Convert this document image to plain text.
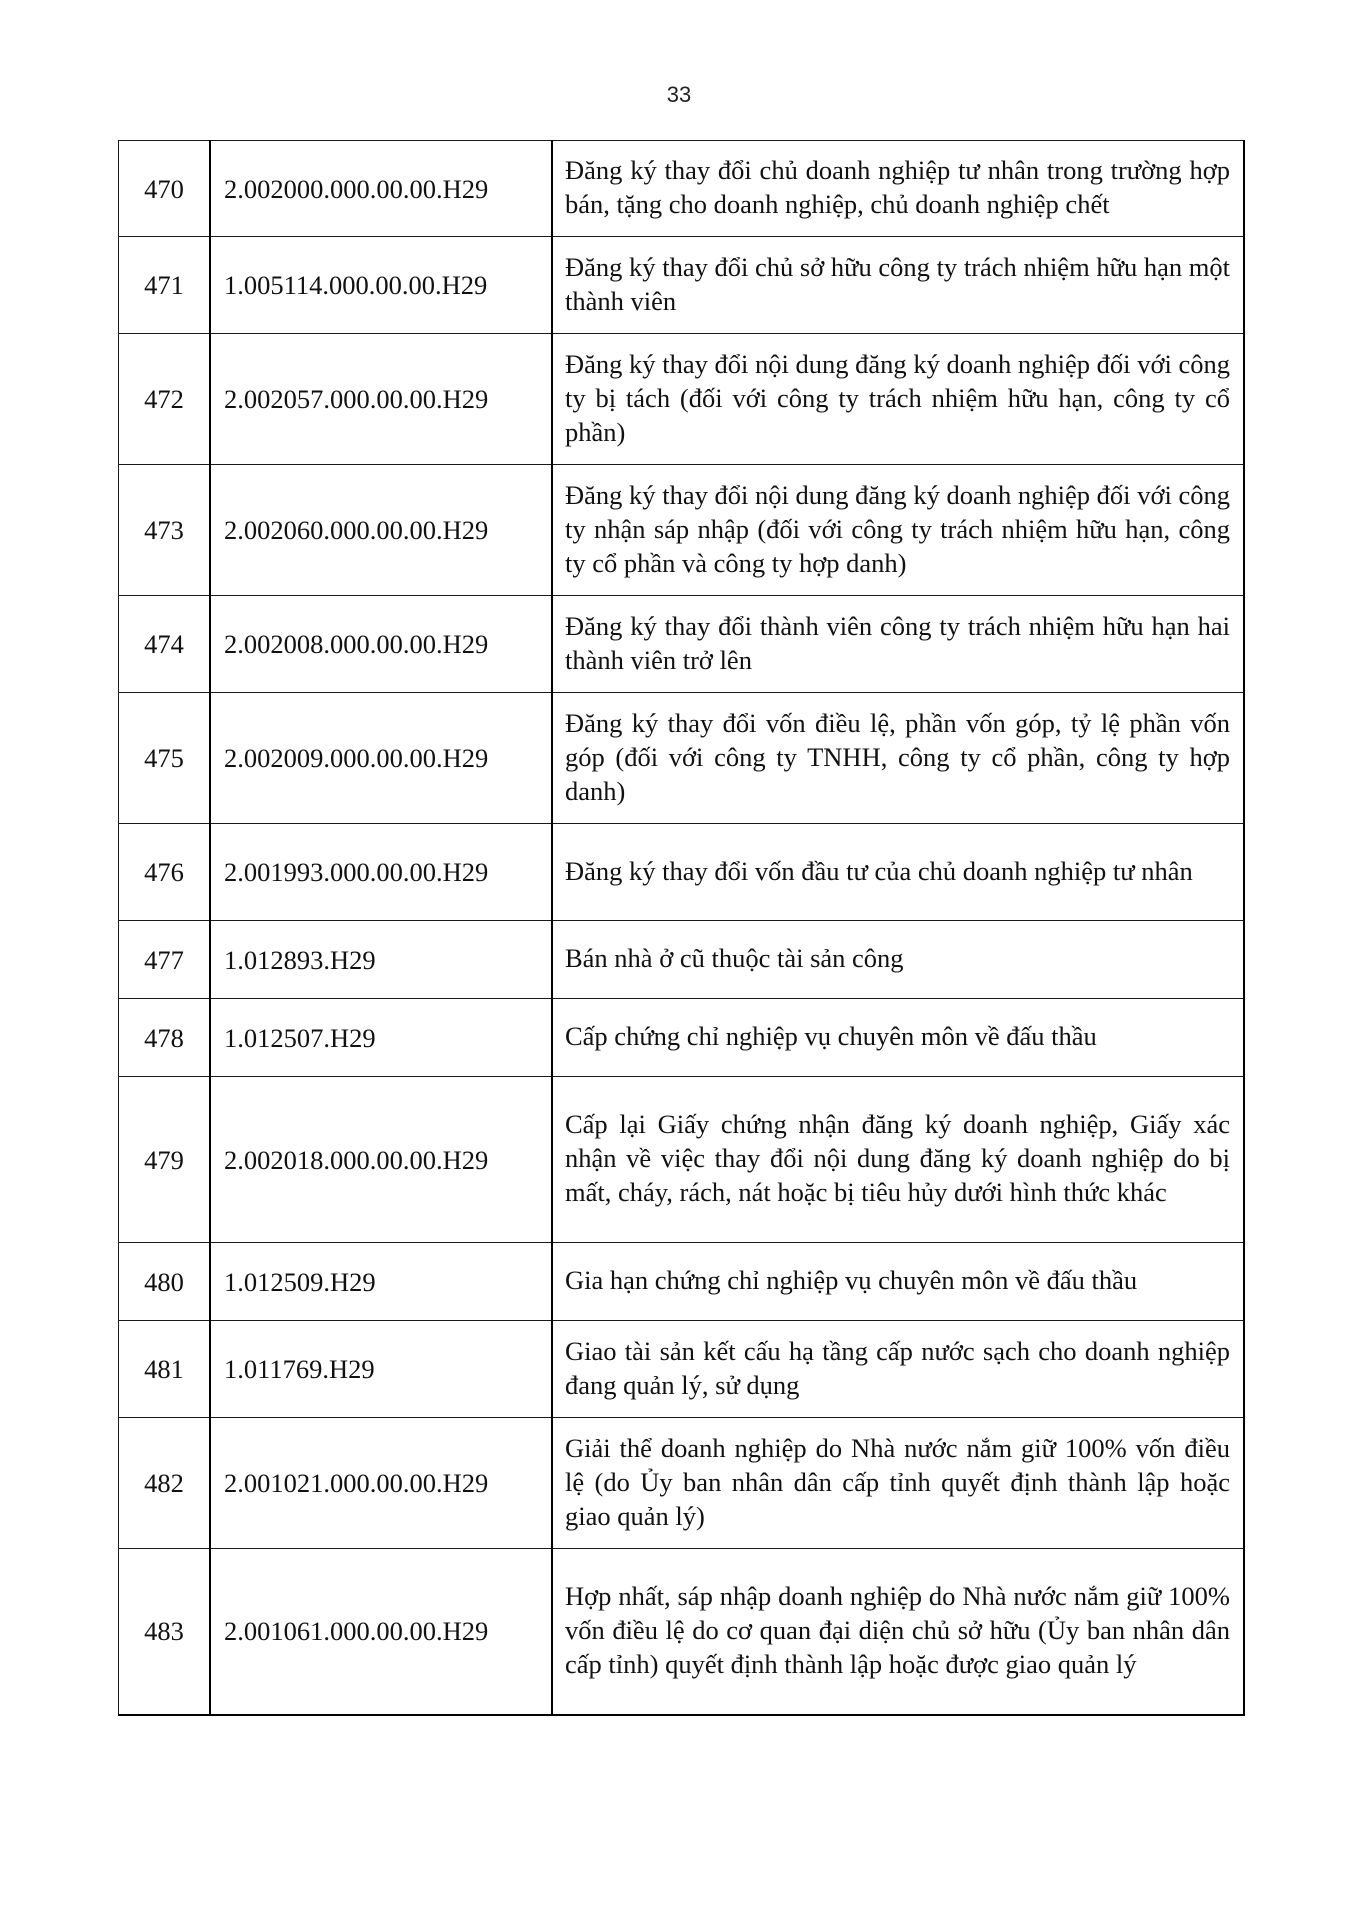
33
470	2.002000.000.00.00.H29	Đăng ký thay đổi chủ doanh nghiệp tư nhân trong trường hợp bán, tặng cho doanh nghiệp, chủ doanh nghiệp chết
471	1.005114.000.00.00.H29	Đăng ký thay đổi chủ sở hữu công ty trách nhiệm hữu hạn một thành viên
472	2.002057.000.00.00.H29	Đăng ký thay đổi nội dung đăng ký doanh nghiệp đối với công ty bị tách (đối với công ty trách nhiệm hữu hạn, công ty cổ phần)
473	2.002060.000.00.00.H29	Đăng ký thay đổi nội dung đăng ký doanh nghiệp đối với công ty nhận sáp nhập (đối với công ty trách nhiệm hữu hạn, công ty cổ phần và công ty hợp danh)
474	2.002008.000.00.00.H29	Đăng ký thay đổi thành viên công ty trách nhiệm hữu hạn hai thành viên trở lên
475	2.002009.000.00.00.H29	Đăng ký thay đổi vốn điều lệ, phần vốn góp, tỷ lệ phần vốn góp (đối với công ty TNHH, công ty cổ phần, công ty hợp danh)
476	2.001993.000.00.00.H29	Đăng ký thay đổi vốn đầu tư của chủ doanh nghiệp tư nhân
477	1.012893.H29	Bán nhà ở cũ thuộc tài sản công
478	1.012507.H29	Cấp chứng chỉ nghiệp vụ chuyên môn về đấu thầu
479	2.002018.000.00.00.H29	Cấp lại Giấy chứng nhận đăng ký doanh nghiệp, Giấy xác nhận về việc thay đổi nội dung đăng ký doanh nghiệp do bị mất, cháy, rách, nát hoặc bị tiêu hủy dưới hình thức khác
480	1.012509.H29	Gia hạn chứng chỉ nghiệp vụ chuyên môn về đấu thầu
481	1.011769.H29	Giao tài sản kết cấu hạ tầng cấp nước sạch cho doanh nghiệp đang quản lý, sử dụng
482	2.001021.000.00.00.H29	Giải thể doanh nghiệp do Nhà nước nắm giữ 100% vốn điều lệ (do Ủy ban nhân dân cấp tỉnh quyết định thành lập hoặc giao quản lý)
483	2.001061.000.00.00.H29	Hợp nhất, sáp nhập doanh nghiệp do Nhà nước nắm giữ 100% vốn điều lệ do cơ quan đại diện chủ sở hữu (Ủy ban nhân dân cấp tỉnh) quyết định thành lập hoặc được giao quản lý
